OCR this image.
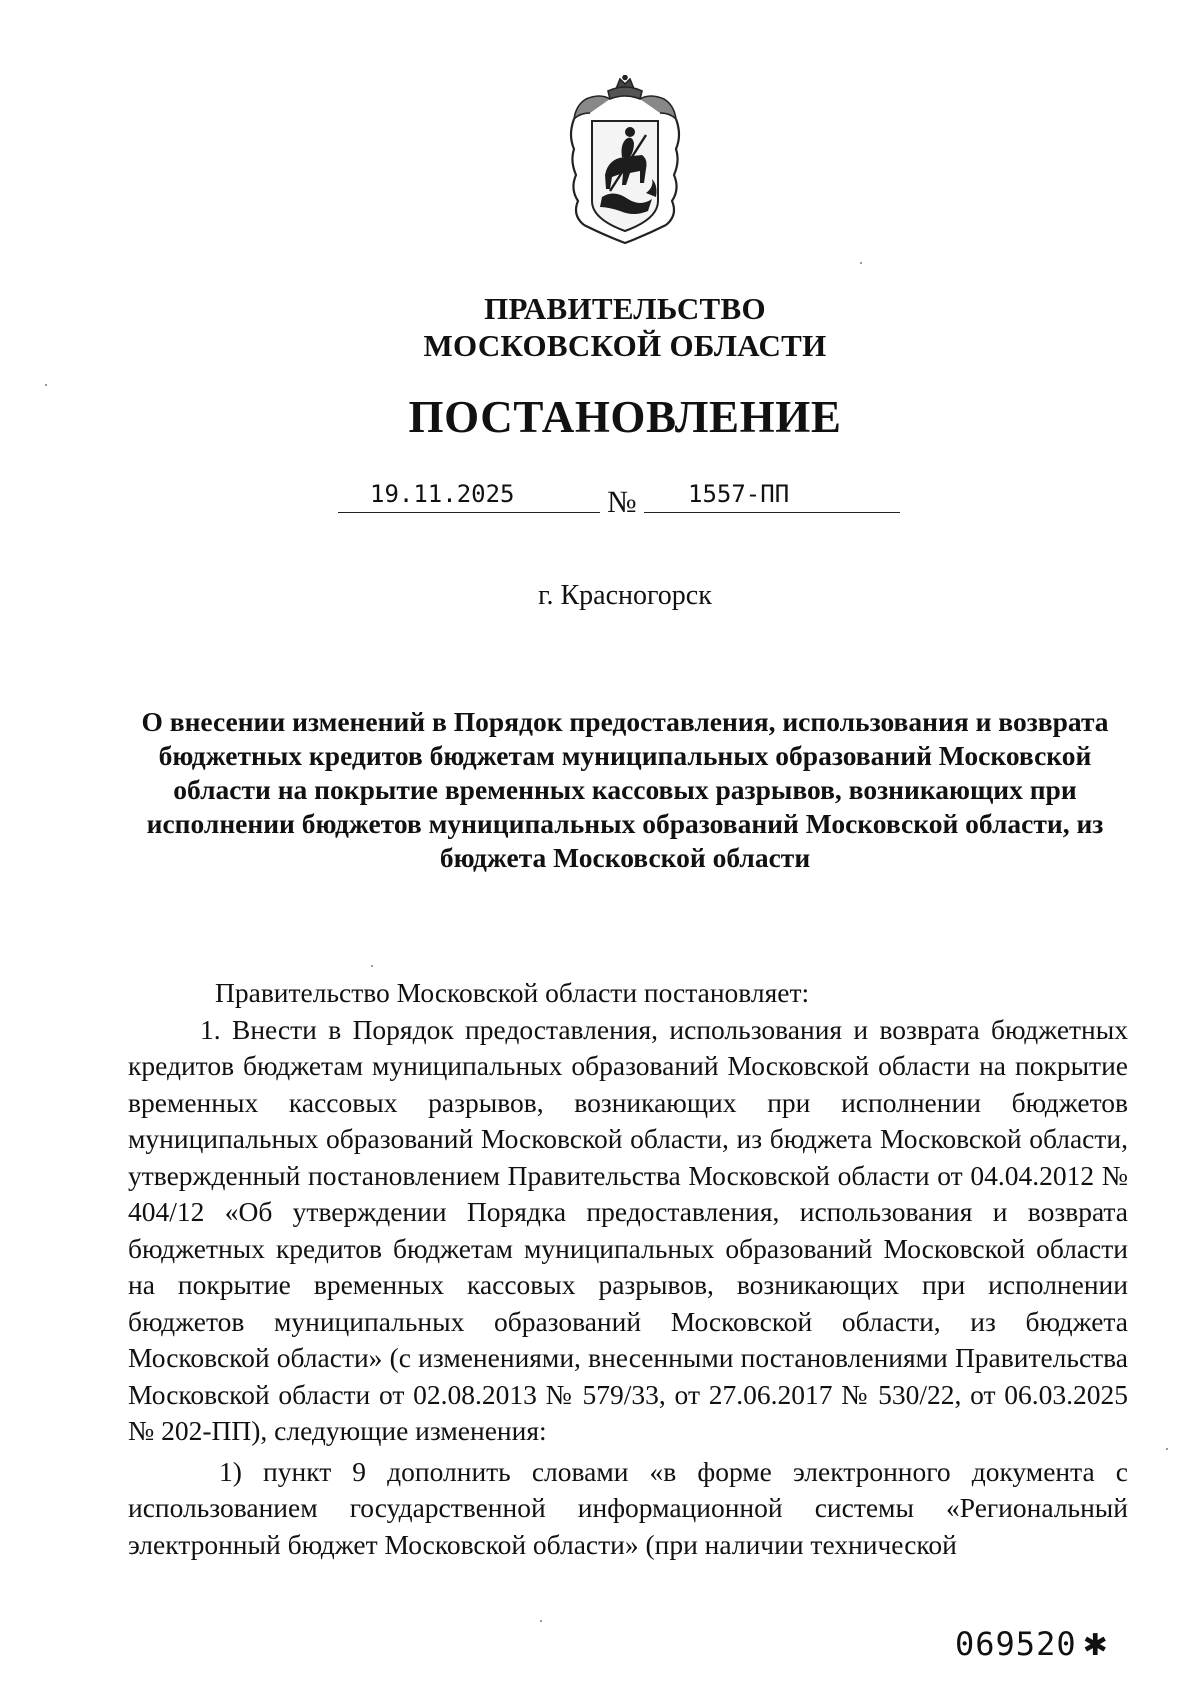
ПРАВИТЕЛЬСТВО
МОСКОВСКОЙ ОБЛАСТИ
ПОСТАНОВЛЕНИЕ
19.11.2025	№ 1557-ПП
г. Красногорск
О внесении изменений в Порядок предоставления, использования и возврата бюджетных кредитов бюджетам муниципальных образований Московской области на покрытие временных кассовых разрывов, возникающих при исполнении бюджетов муниципальных образований Московской области, из бюджета Московской области

Правительство Московской области постановляет:

1. Внести в Порядок предоставления, использования и возврата бюджетных кредитов бюджетам муниципальных образований Московской области на покрытие временных кассовых разрывов, возникающих при исполнении бюджетов муниципальных образований Московской области, из бюджета Московской области, утвержденный постановлением Правительства Московской области от 04.04.2012 № 404/12 «Об утверждении Порядка предоставления, использования и возврата бюджетных кредитов бюджетам муниципальных образований Московской области на покрытие временных кассовых разрывов, возникающих при исполнении бюджетов муниципальных образований Московской области, из бюджета Московской области» (с изменениями, внесенными постановлениями Правительства Московской области от 02.08.2013 № 579/33, от 27.06.2017 № 530/22, от 06.03.2025 № 202-ПП), следующие изменения:

1) пункт 9 дополнить словами «в форме электронного документа с использованием государственной информационной системы «Региональный электронный бюджет Московской области» (при наличии технической

069520 ✱
